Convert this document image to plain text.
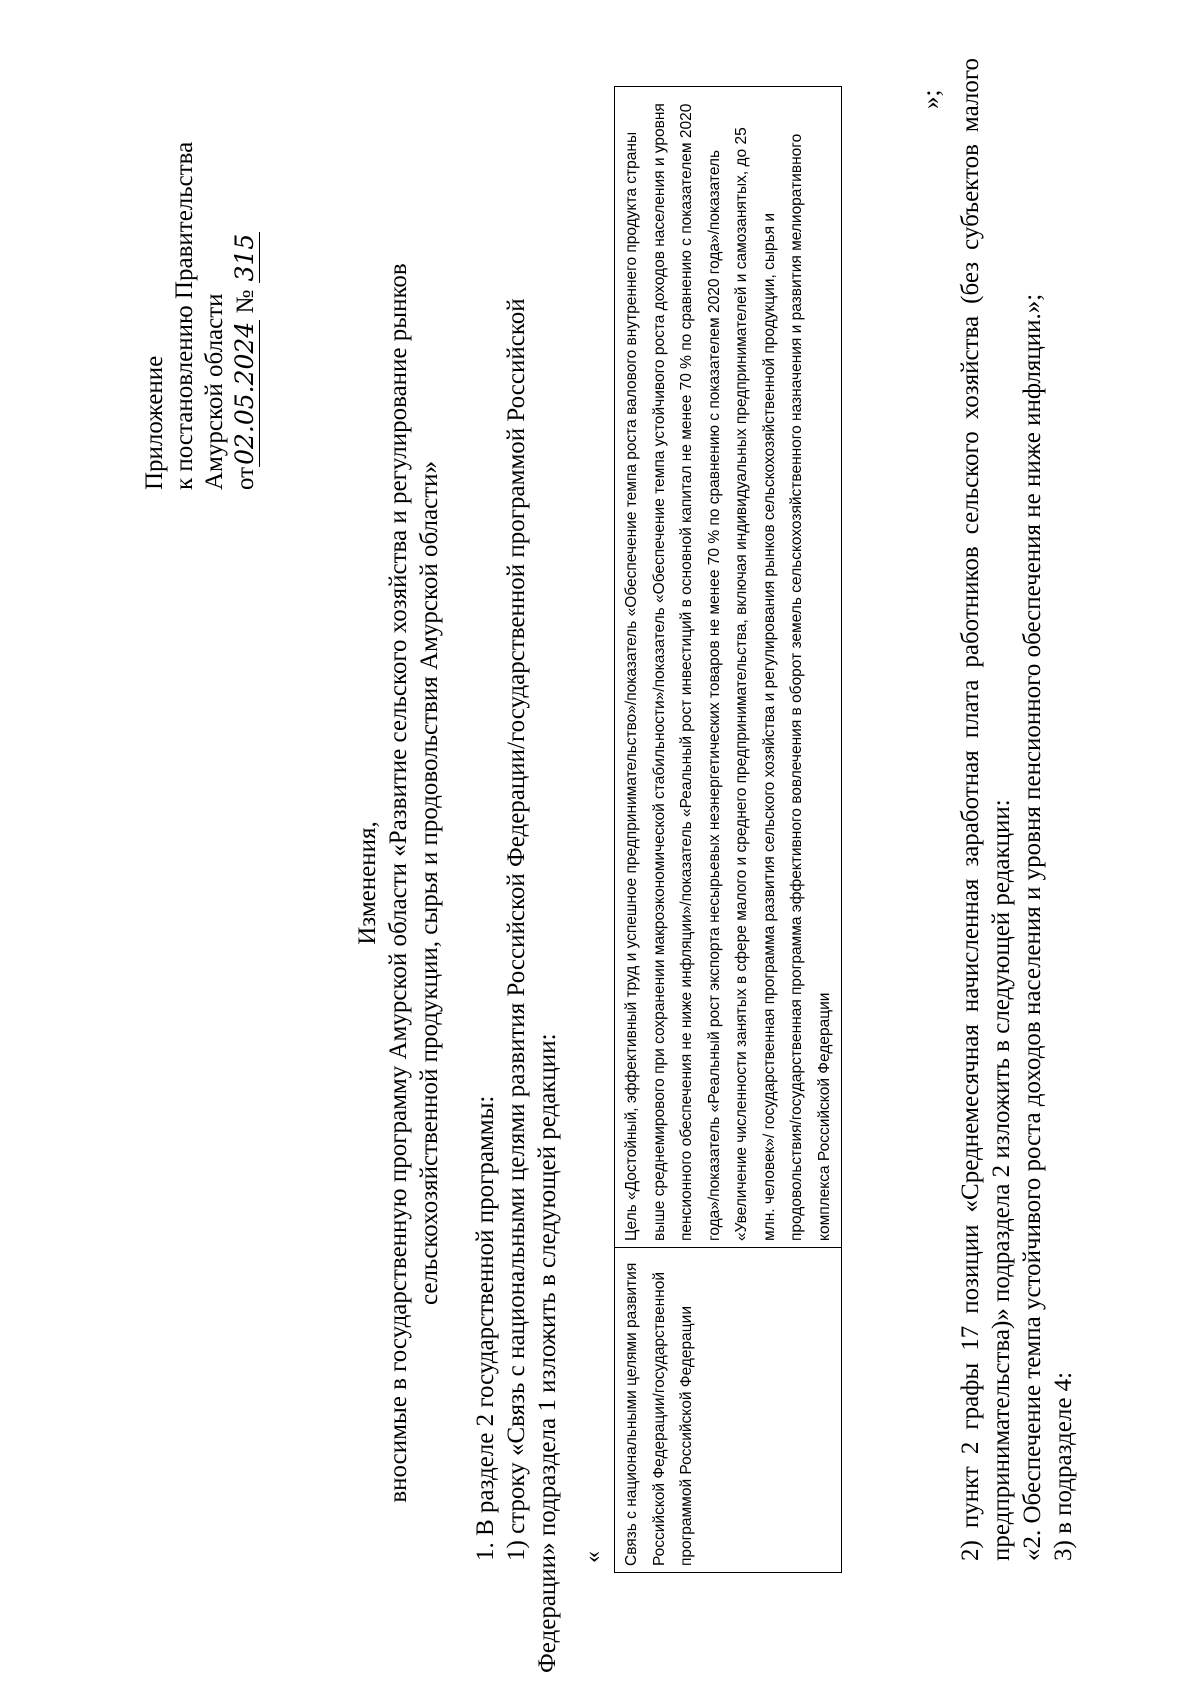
Приложение к постановлению Правительства Амурской области от02.05.2024 № 315
Изменения, вносимые в государственную программу Амурской области «Развитие сельского хозяйства и регулирование рынков сельскохозяйственной продукции, сырья и продовольствия Амурской области»
1. В разделе 2 государственной программы: 1) строку «Связь с национальными целями развития Российской Федерации/государственной программой Российской Федерации» подраздела 1 изложить в следующей редакции: «	Связь с национальными целями развития Российской Федерации/государственной программой Российской Федерации
Цель «Достойный, эффективный труд и успешное предпринимательство»/показатель «Обеспечение темпа роста валового внутреннего продукта страны выше среднемирового при сохранении макроэкономической стабильности»/показатель «Обеспечение темпа устойчивого роста доходов населения и уровня пенсионного обеспечения не ниже инфляции»/показатель «Реальный рост инвестиций в основной капитал не менее 70 % по сравнению с показателем 2020 года»/показатель «Реальный рост экспорта несырьевых неэнергетических товаров не менее 70 % по сравнению с показателем 2020 года»/показатель «Увеличение численности занятых в сфере малого и среднего предпринимательства, включая индивидуальных предпринимателей и самозанятых, до 25 млн. человек»/ государственная программа развития сельского хозяйства и регулирования рынков сельскохозяйственной продукции, сырья и продовольствия/государственная программа эффективного вовлечения в оборот земель сельскохозяйственного назначения и развития мелиоративного комплекса Российской Федерации
»; 2) пункт 2 графы 17 позиции «Среднемесячная начисленная заработная плата работников сельского хозяйства (без субъектов малого предпринимательства)» подраздела 2 изложить в следующей редакции: «2. Обеспечение темпа устойчивого роста доходов населения и уровня пенсионного обеспечения не ниже инфляции.»; 3) в подразделе 4:
